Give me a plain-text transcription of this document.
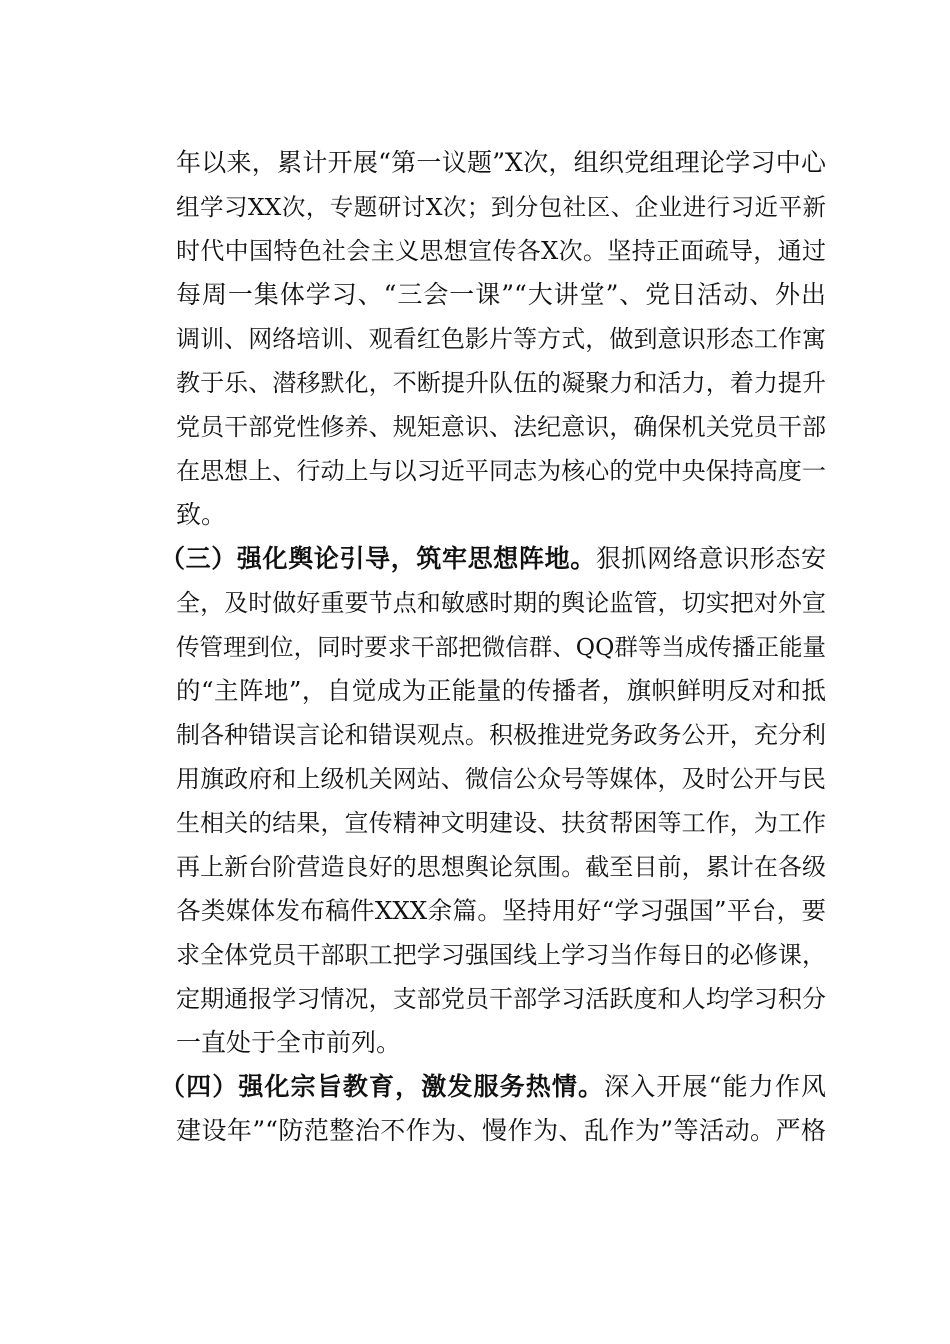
年以来，累计开展“第一议题”X次，组织党组理论学习中心
组学习XX次，专题研讨X次；到分包社区、企业进行习近平新
时代中国特色社会主义思想宣传各X次。坚持正面疏导，通过
每周一集体学习、“三会一课”“大讲堂”、党日活动、外出
调训、网络培训、观看红色影片等方式，做到意识形态工作寓
教于乐、潜移默化，不断提升队伍的凝聚力和活力，着力提升
党员干部党性修养、规矩意识、法纪意识，确保机关党员干部
在思想上、行动上与以习近平同志为核心的党中央保持高度一
致。
（三）强化舆论引导，筑牢思想阵地。狠抓网络意识形态安
全，及时做好重要节点和敏感时期的舆论监管，切实把对外宣
传管理到位，同时要求干部把微信群、QQ群等当成传播正能量
的“主阵地”，自觉成为正能量的传播者，旗帜鲜明反对和抵
制各种错误言论和错误观点。积极推进党务政务公开，充分利
用旗政府和上级机关网站、微信公众号等媒体，及时公开与民
生相关的结果，宣传精神文明建设、扶贫帮困等工作，为工作
再上新台阶营造良好的思想舆论氛围。截至目前，累计在各级
各类媒体发布稿件XXX余篇。坚持用好“学习强国”平台，要
求全体党员干部职工把学习强国线上学习当作每日的必修课，
定期通报学习情况，支部党员干部学习活跃度和人均学习积分
一直处于全市前列。
（四）强化宗旨教育，激发服务热情。深入开展“能力作风
建设年”“防范整治不作为、慢作为、乱作为”等活动。严格
